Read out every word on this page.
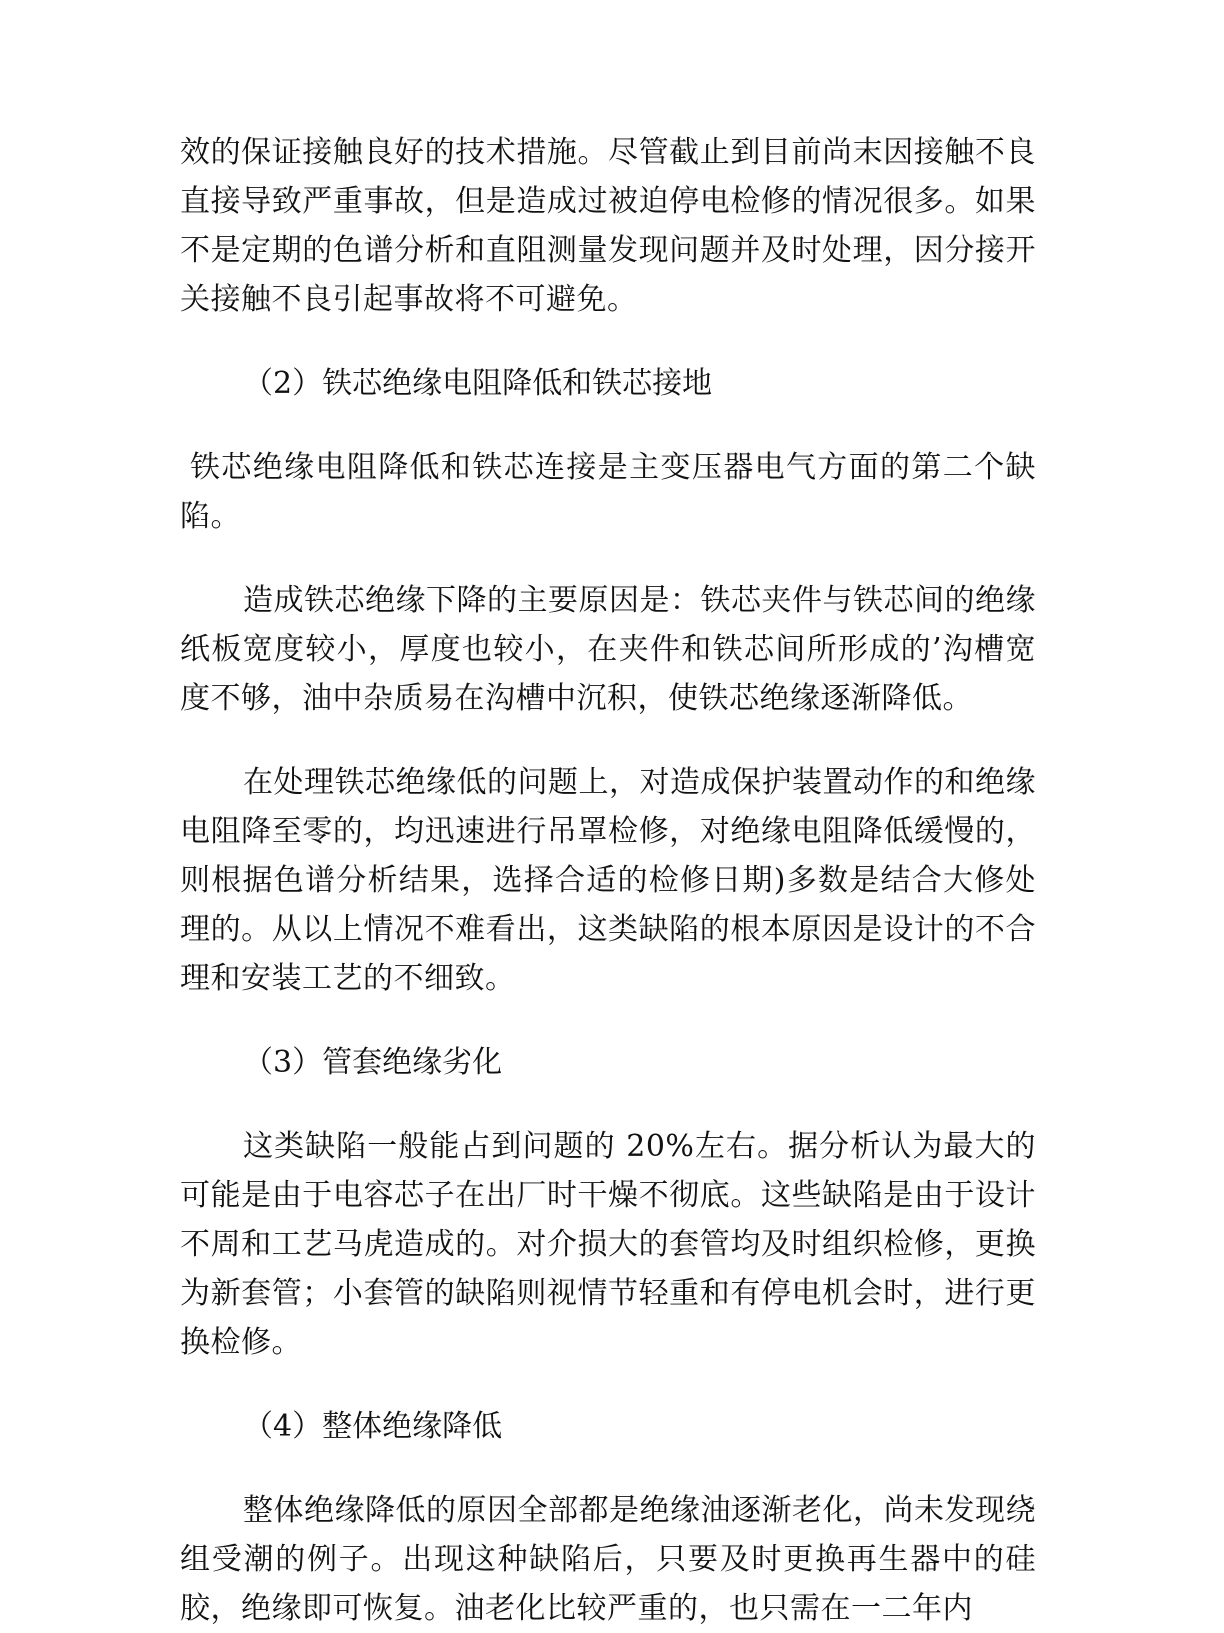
效的保证接触良好的技术措施。尽管截止到目前尚末因接触不良直接导致严重事故，但是造成过被迫停电检修的情况很多。如果不是定期的色谱分析和直阻测量发现问题并及时处理，因分接开关接触不良引起事故将不可避免。

（2）铁芯绝缘电阻降低和铁芯接地

铁芯绝缘电阻降低和铁芯连接是主变压器电气方面的第二个缺陷。

造成铁芯绝缘下降的主要原因是：铁芯夹件与铁芯间的绝缘纸板宽度较小，厚度也较小，在夹件和铁芯间所形成的’沟槽宽度不够，油中杂质易在沟槽中沉积，使铁芯绝缘逐渐降低。

在处理铁芯绝缘低的问题上，对造成保护装置动作的和绝缘电阻降至零的，均迅速进行吊罩检修，对绝缘电阻降低缓慢的，则根据色谱分析结果，选择合适的检修日期)多数是结合大修处理的。从以上情况不难看出，这类缺陷的根本原因是设计的不合理和安装工艺的不细致。

（3）管套绝缘劣化

这类缺陷一般能占到问题的 20%左右。据分析认为最大的可能是由于电容芯子在出厂时干燥不彻底。这些缺陷是由于设计不周和工艺马虎造成的。对介损大的套管均及时组织检修，更换为新套管；小套管的缺陷则视情节轻重和有停电机会时，进行更换检修。

（4）整体绝缘降低

整体绝缘降低的原因全部都是绝缘油逐渐老化，尚未发现绕组受潮的例子。出现这种缺陷后，只要及时更换再生器中的硅胶，绝缘即可恢复。油老化比较严重的，也只需在一二年内
